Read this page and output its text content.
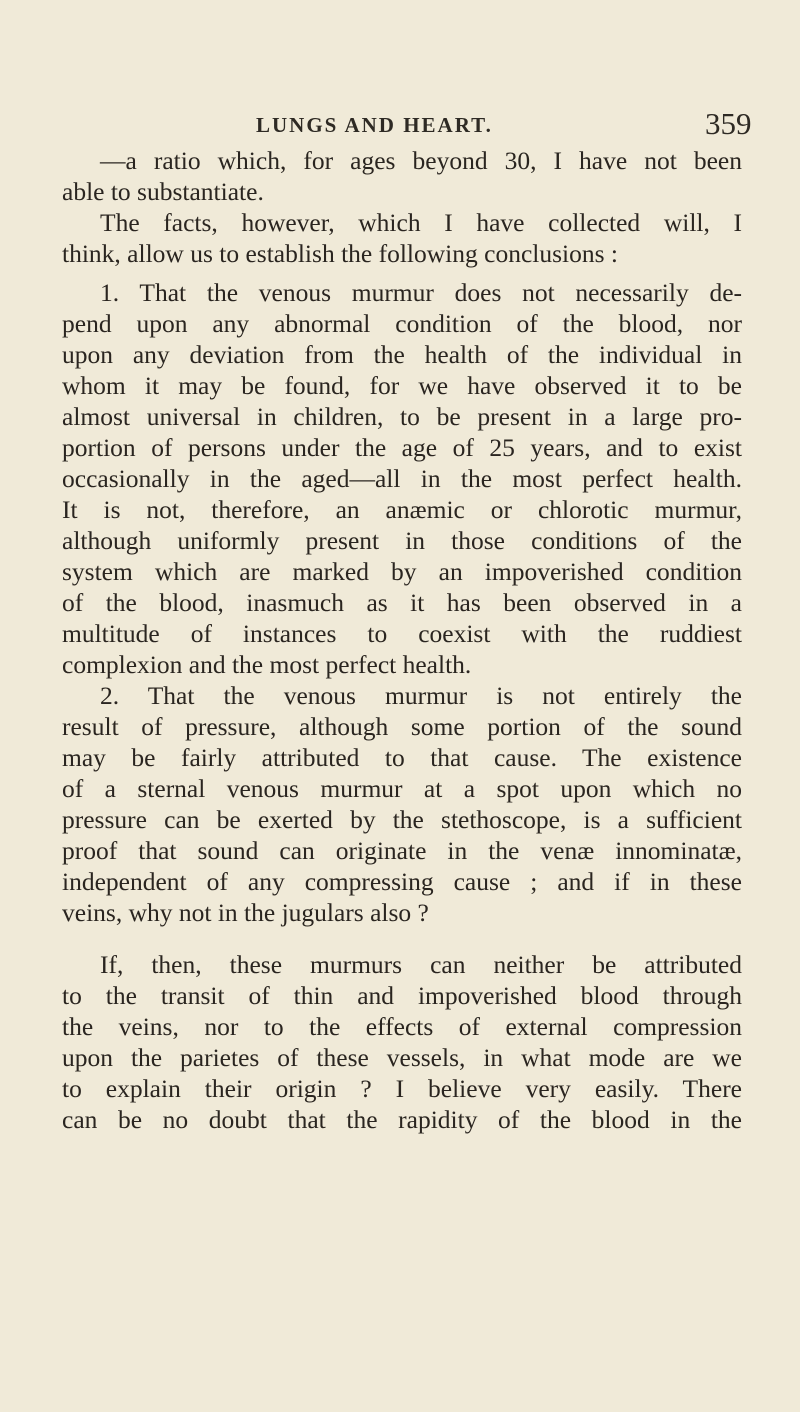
LUNGS AND HEART.	359
—a ratio which, for ages beyond 30, I have not been
able to substantiate.
The facts, however, which I have collected will, I
think, allow us to establish the following conclusions :
1. That the venous murmur does not necessarily de-
pend upon any abnormal condition of the blood, nor
upon any deviation from the health of the individual in
whom it may be found, for we have observed it to be
almost universal in children, to be present in a large pro-
portion of persons under the age of 25 years, and to exist
occasionally in the aged—all in the most perfect health.
It is not, therefore, an anæmic or chlorotic murmur,
although uniformly present in those conditions of the
system which are marked by an impoverished condition
of the blood, inasmuch as it has been observed in a
multitude of instances to coexist with the ruddiest
complexion and the most perfect health.
2. That the venous murmur is not entirely the
result of pressure, although some portion of the sound
may be fairly attributed to that cause. The existence
of a sternal venous murmur at a spot upon which no
pressure can be exerted by the stethoscope, is a sufficient
proof that sound can originate in the venæ innominatæ,
independent of any compressing cause ; and if in these
veins, why not in the jugulars also ?
If, then, these murmurs can neither be attributed
to the transit of thin and impoverished blood through
the veins, nor to the effects of external compression
upon the parietes of these vessels, in what mode are we
to explain their origin ? I believe very easily. There
can be no doubt that the rapidity of the blood in the
